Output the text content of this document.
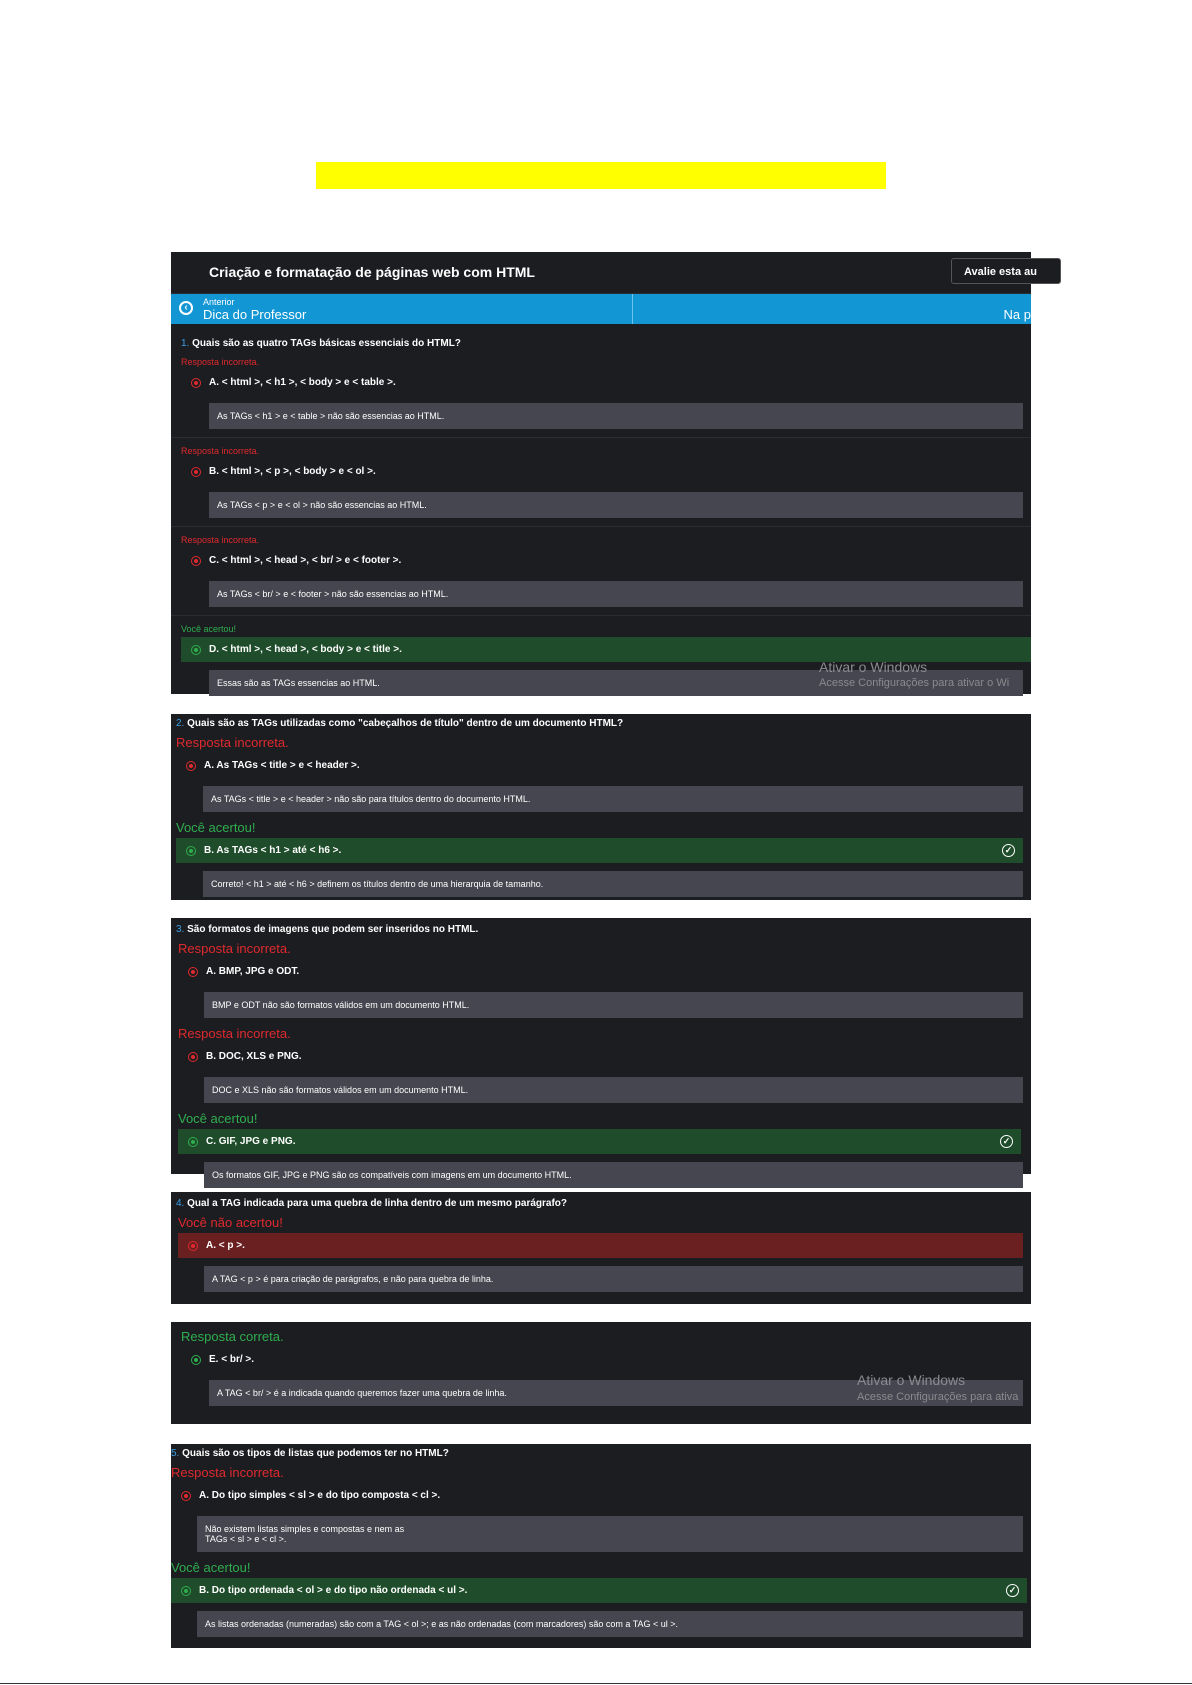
Criação e formatação de páginas web com HTML	Avalie esta au
‹	Anterior
Dica do Professor	Na p
1. Quais são as quatro TAGs básicas essenciais do HTML?
Resposta incorreta.
A. < html >, < h1 >, < body > e < table >.
As TAGs < h1 > e < table > não são essencias ao HTML.
Resposta incorreta.
B. < html >, < p >, < body > e < ol >.
As TAGs < p > e < ol > não são essencias ao HTML.
Resposta incorreta.
C. < html >, < head >, < br/ > e < footer >.
As TAGs < br/ > e < footer > não são essencias ao HTML.
Você acertou!
D. < html >, < head >, < body > e < title >.
Essas são as TAGs essencias ao HTML.
Ativar o Windows
Acesse Configurações para ativar o Wi
2. Quais são as TAGs utilizadas como "cabeçalhos de título" dentro de um documento HTML?
Resposta incorreta.
A. As TAGs < title > e < header >.
As TAGs < title > e < header > não são para títulos dentro do documento HTML.
Você acertou!
B. As TAGs < h1 > até < h6 >.	✓
Correto! < h1 > até < h6 > definem os títulos dentro de uma hierarquia de tamanho.
3. São formatos de imagens que podem ser inseridos no HTML.
Resposta incorreta.
A. BMP, JPG e ODT.
BMP e ODT não são formatos válidos em um documento HTML.
Resposta incorreta.
B. DOC, XLS e PNG.
DOC e XLS não são formatos válidos em um documento HTML.
Você acertou!
C. GIF, JPG e PNG.	✓
Os formatos GIF, JPG e PNG são os compatíveis com imagens em um documento HTML.
4. Qual a TAG indicada para uma quebra de linha dentro de um mesmo parágrafo?
Você não acertou!
A. < p >.
A TAG < p > é para criação de parágrafos, e não para quebra de linha.
Resposta correta.
E. < br/ >.
A TAG < br/ > é a indicada quando queremos fazer uma quebra de linha.
Ativar o Windows
Acesse Configurações para ativa
5. Quais são os tipos de listas que podemos ter no HTML?
Resposta incorreta.
A. Do tipo simples < sl > e do tipo composta < cl >.
Não existem listas simples e compostas e nem as
TAGs < sl > e < cl >.
Você acertou!
B. Do tipo ordenada < ol > e do tipo não ordenada < ul >.	✓
As listas ordenadas (numeradas) são com a TAG < ol >; e as não ordenadas (com marcadores) são com a TAG < ul >.
